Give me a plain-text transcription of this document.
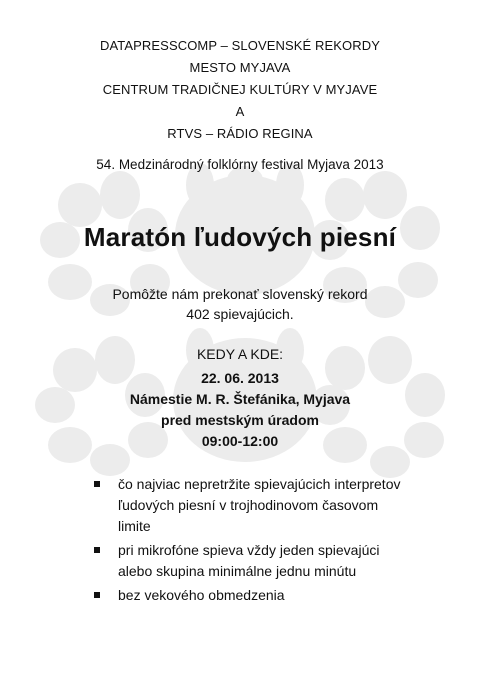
DATAPRESSCOMP – SLOVENSKÉ REKORDY
MESTO MYJAVA
CENTRUM TRADIČNEJ KULTÚRY V MYJAVE
A
RTVS – RÁDIO REGINA
54. Medzinárodný folklórny festival Myjava 2013
Maratón ľudových piesní
Pomôžte nám prekonať slovenský rekord
402 spievajúcich.
KEDY A KDE:
22. 06. 2013
Námestie M. R. Štefánika, Myjava
pred mestským úradom
09:00-12:00
čo najviac nepretržite spievajúcich interpretov
ľudových piesní v trojhodinovom časovom
limite
pri mikrofóne spieva vždy jeden spievajúci
alebo skupina minimálne jednu minútu
bez vekového obmedzenia
